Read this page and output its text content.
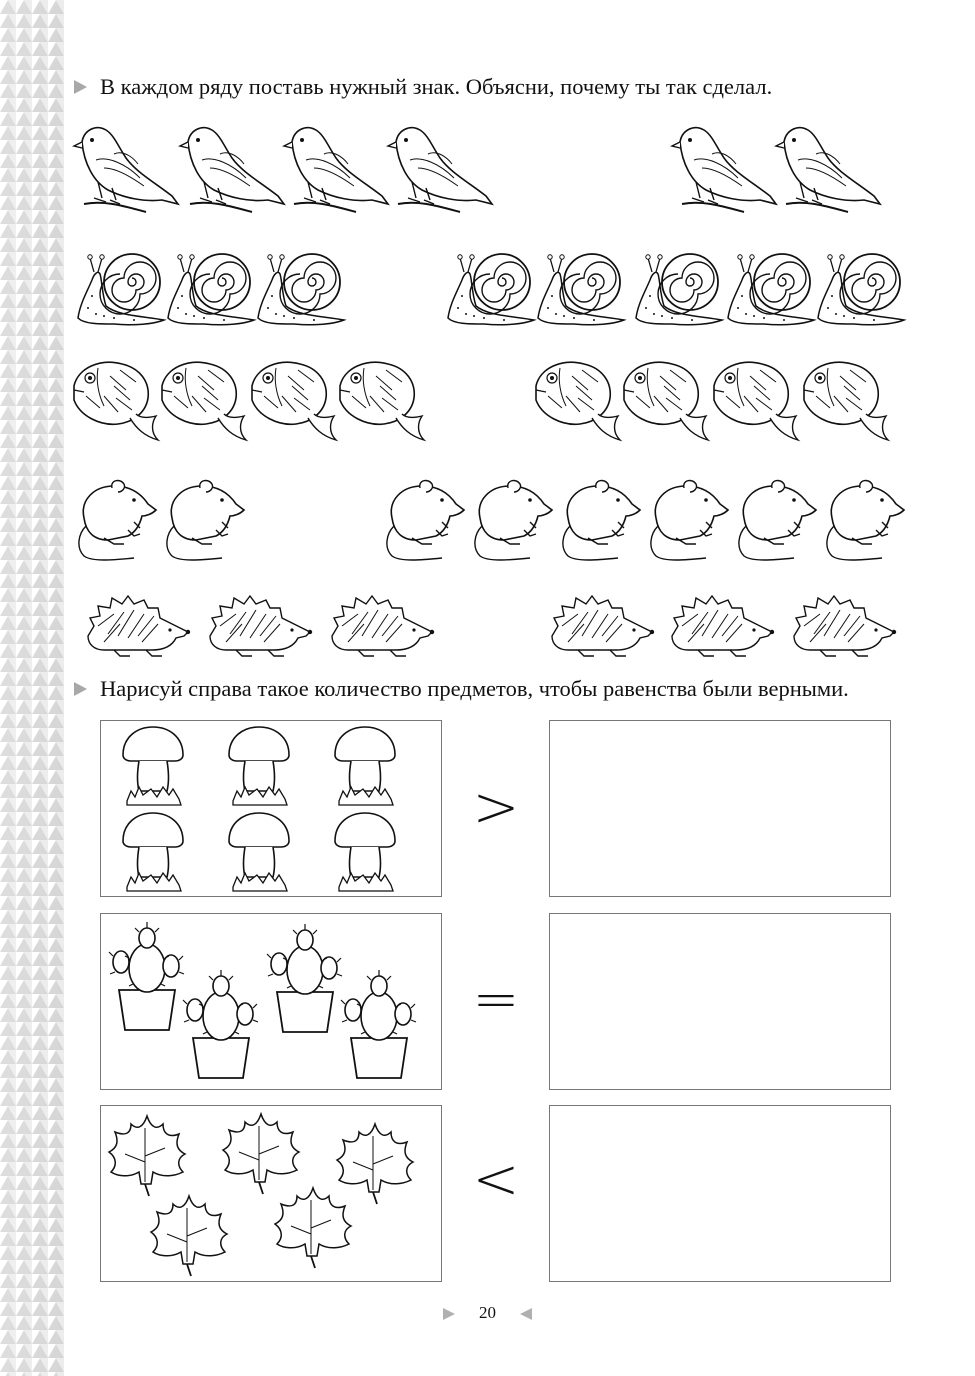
В каждом ряду поставь нужный знак. Объясни, почему ты так сделал.
Нарисуй справа такое количество предметов, чтобы равенства были верными.
>
=
<
20
